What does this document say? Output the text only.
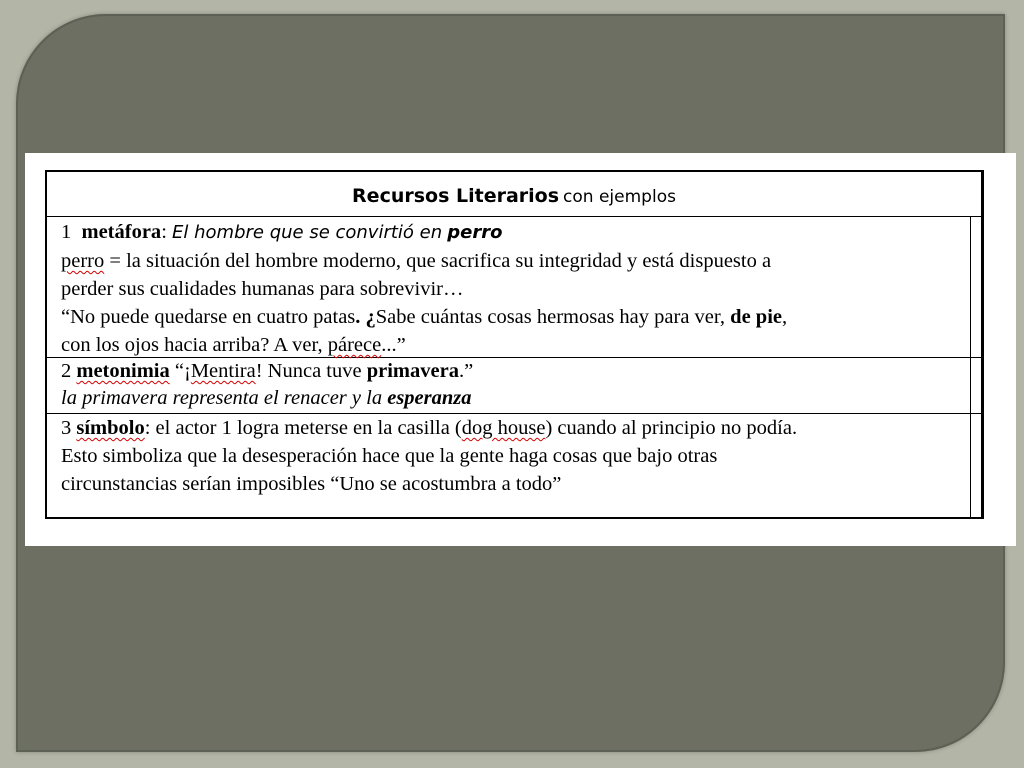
Recursos Literarios con ejemplos
1 metáfora: El hombre que se convirtió en perro
perro = la situación del hombre moderno, que sacrifica su integridad y está dispuesto a
perder sus cualidades humanas para sobrevivir…
“No puede quedarse en cuatro patas. ¿Sabe cuántas cosas hermosas hay para ver, de pie,
con los ojos hacia arriba? A ver, párece...”
2 metonimia “¡Mentira! Nunca tuve primavera.”
la primavera representa el renacer y la esperanza
3 símbolo: el actor 1 logra meterse en la casilla (dog house) cuando al principio no podía.
Esto simboliza que la desesperación hace que la gente haga cosas que bajo otras
circunstancias serían imposibles “Uno se acostumbra a todo”
